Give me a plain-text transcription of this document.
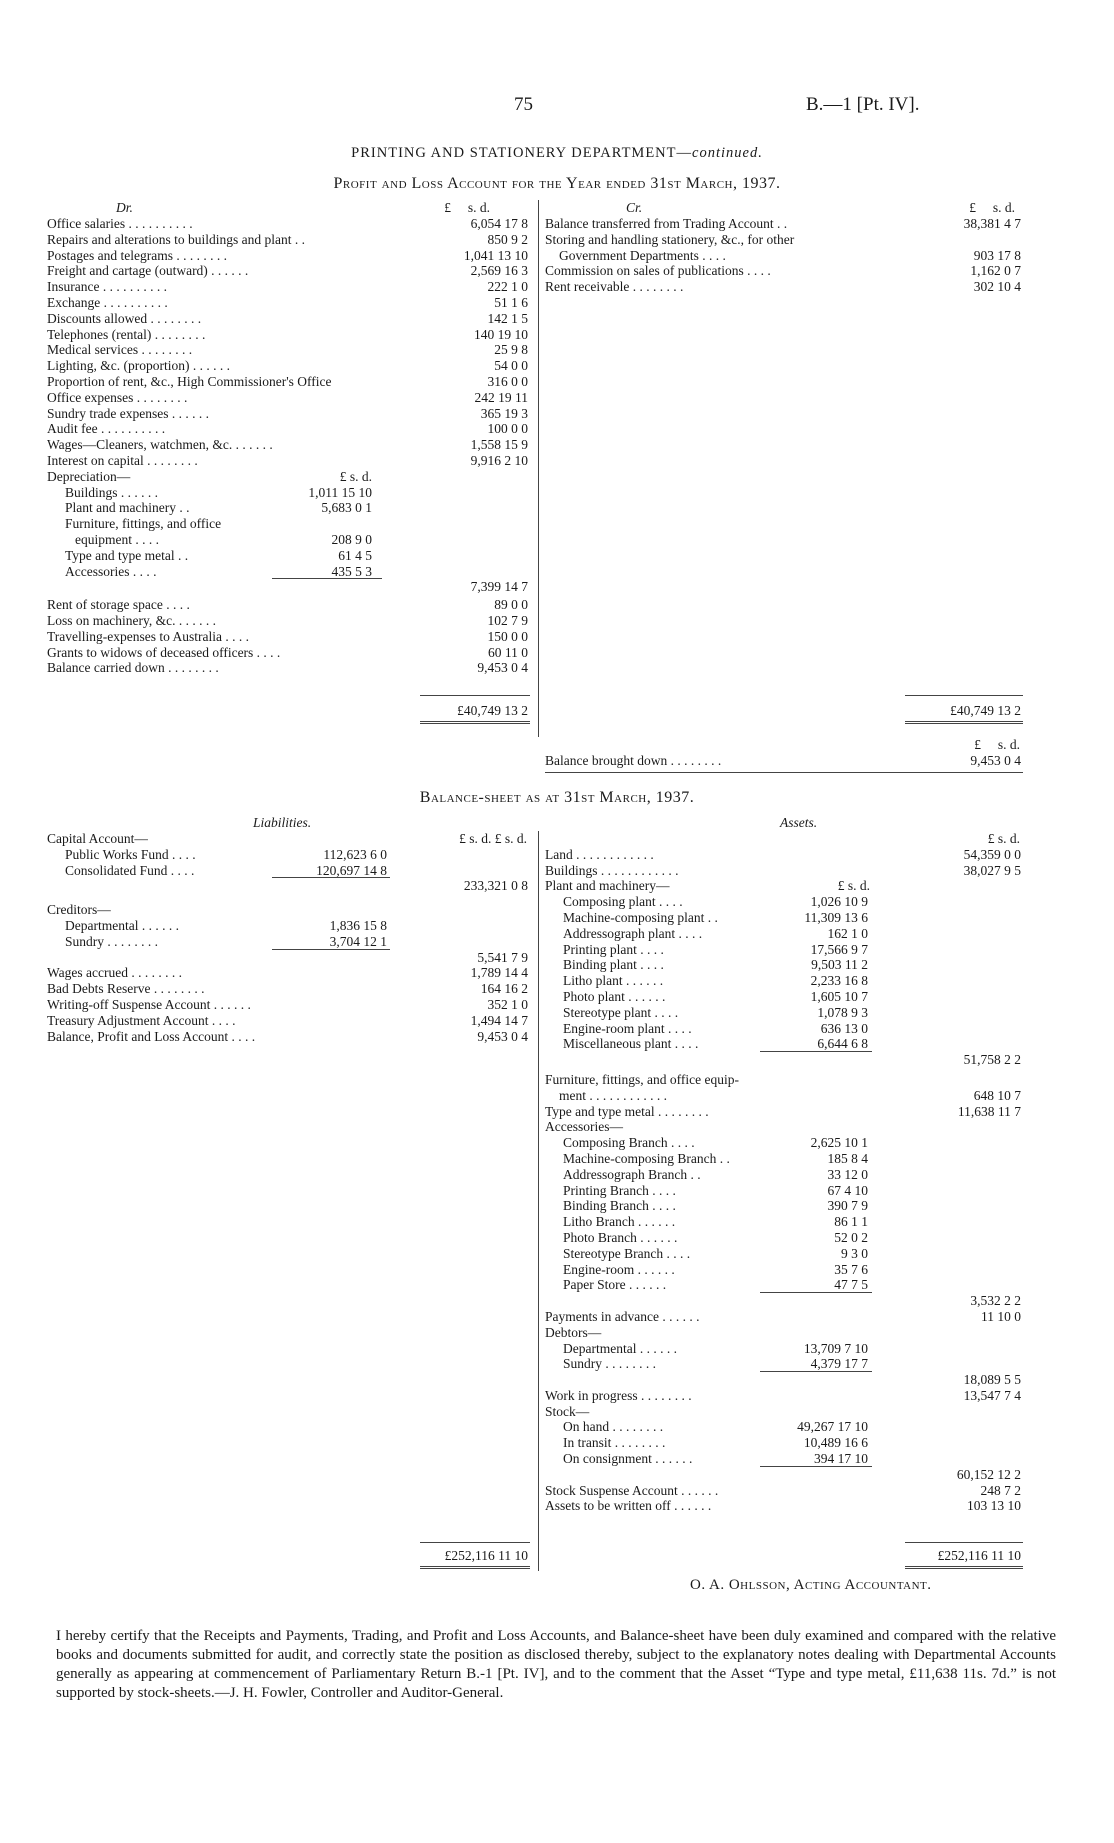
75	B.—1 [Pt. IV].
PRINTING AND STATIONERY DEPARTMENT—continued.
Profit and Loss Account for the Year ended 31st March, 1937.
Dr.	£ s. d.
Office salaries . . . . . . . . . .	6,054 17 8
Repairs and alterations to buildings and plant . .	850 9 2
Postages and telegrams . . . . . . . .	1,041 13 10
Freight and cartage (outward) . . . . . .	2,569 16 3
Insurance . . . . . . . . . .	222 1 0
Exchange . . . . . . . . . .	51 1 6
Discounts allowed . . . . . . . .	142 1 5
Telephones (rental) . . . . . . . .	140 19 10
Medical services . . . . . . . .	25 9 8
Lighting, &c. (proportion) . . . . . .	54 0 0
Proportion of rent, &c., High Commissioner's Office	316 0 0
Office expenses . . . . . . . .	242 19 11
Sundry trade expenses . . . . . .	365 19 3
Audit fee . . . . . . . . . .	100 0 0
Wages—Cleaners, watchmen, &c. . . . . . .	1,558 15 9
Interest on capital . . . . . . . .	9,916 2 10
Depreciation—	£ s. d.
Buildings . . . . . .	1,011 15 10
Plant and machinery . .	5,683 0 1
Furniture, fittings, and office
equipment . . . .	208 9 0
Type and type metal . .	61 4 5
Accessories . . . .	435 5 3
7,399 14 7
Rent of storage space . . . .	89 0 0
Loss on machinery, &c. . . . . . .	102 7 9
Travelling-expenses to Australia . . . .	150 0 0
Grants to widows of deceased officers . . . .	60 11 0
Balance carried down . . . . . . . .	9,453 0 4
Cr.	£ s. d.
Balance transferred from Trading Account . .	38,381 4 7
Storing and handling stationery, &c., for other
Government Departments . . . .	903 17 8
Commission on sales of publications . . . .	1,162 0 7
Rent receivable . . . . . . . .	302 10 4
£40,749 13 2	£40,749 13 2
£ s. d.
Balance brought down . . . . . . . .	9,453 0 4
Balance-sheet as at 31st March, 1937.
Liabilities.	Assets.
Capital Account—	£ s. d. £ s. d.
Public Works Fund . . . .	112,623 6 0
Consolidated Fund . . . .	120,697 14 8
233,321 0 8
Creditors—
Departmental . . . . . .	1,836 15 8
Sundry . . . . . . . .	3,704 12 1
5,541 7 9
Wages accrued . . . . . . . .	1,789 14 4
Bad Debts Reserve . . . . . . . .	164 16 2
Writing-off Suspense Account . . . . . .	352 1 0
Treasury Adjustment Account . . . .	1,494 14 7
Balance, Profit and Loss Account . . . .	9,453 0 4
£ s. d.
Land . . . . . . . . . . . .	54,359 0 0
Buildings . . . . . . . . . . . .	38,027 9 5
Plant and machinery—	£ s. d.
Composing plant . . . .	1,026 10 9
Machine-composing plant . .	11,309 13 6
Addressograph plant . . . .	162 1 0
Printing plant . . . .	17,566 9 7
Binding plant . . . .	9,503 11 2
Litho plant . . . . . .	2,233 16 8
Photo plant . . . . . .	1,605 10 7
Stereotype plant . . . .	1,078 9 3
Engine-room plant . . . .	636 13 0
Miscellaneous plant . . . .	6,644 6 8
51,758 2 2
Furniture, fittings, and office equip-
ment . . . . . . . . . . . .	648 10 7
Type and type metal . . . . . . . .	11,638 11 7
Accessories—
Composing Branch . . . .	2,625 10 1
Machine-composing Branch . .	185 8 4
Addressograph Branch . .	33 12 0
Printing Branch . . . .	67 4 10
Binding Branch . . . .	390 7 9
Litho Branch . . . . . .	86 1 1
Photo Branch . . . . . .	52 0 2
Stereotype Branch . . . .	9 3 0
Engine-room . . . . . .	35 7 6
Paper Store . . . . . .	47 7 5
3,532 2 2
Payments in advance . . . . . .	11 10 0
Debtors—
Departmental . . . . . .	13,709 7 10
Sundry . . . . . . . .	4,379 17 7
18,089 5 5
Work in progress . . . . . . . .	13,547 7 4
Stock—
On hand . . . . . . . .	49,267 17 10
In transit . . . . . . . .	10,489 16 6
On consignment . . . . . .	394 17 10
60,152 12 2
Stock Suspense Account . . . . . .	248 7 2
Assets to be written off . . . . . .	103 13 10
£252,116 11 10	£252,116 11 10
O. A. Ohlsson, Acting Accountant.
I hereby certify that the Receipts and Payments, Trading, and Profit and Loss Accounts, and Balance-sheet have been duly examined and compared with the relative books and documents submitted for audit, and correctly state the position as disclosed thereby, subject to the explanatory notes dealing with Departmental Accounts generally as appearing at commencement of Parliamentary Return B.-1 [Pt. IV], and to the comment that the Asset “Type and type metal, £11,638 11s. 7d.” is not supported by stock-sheets.—J. H. Fowler, Controller and Auditor-General.
